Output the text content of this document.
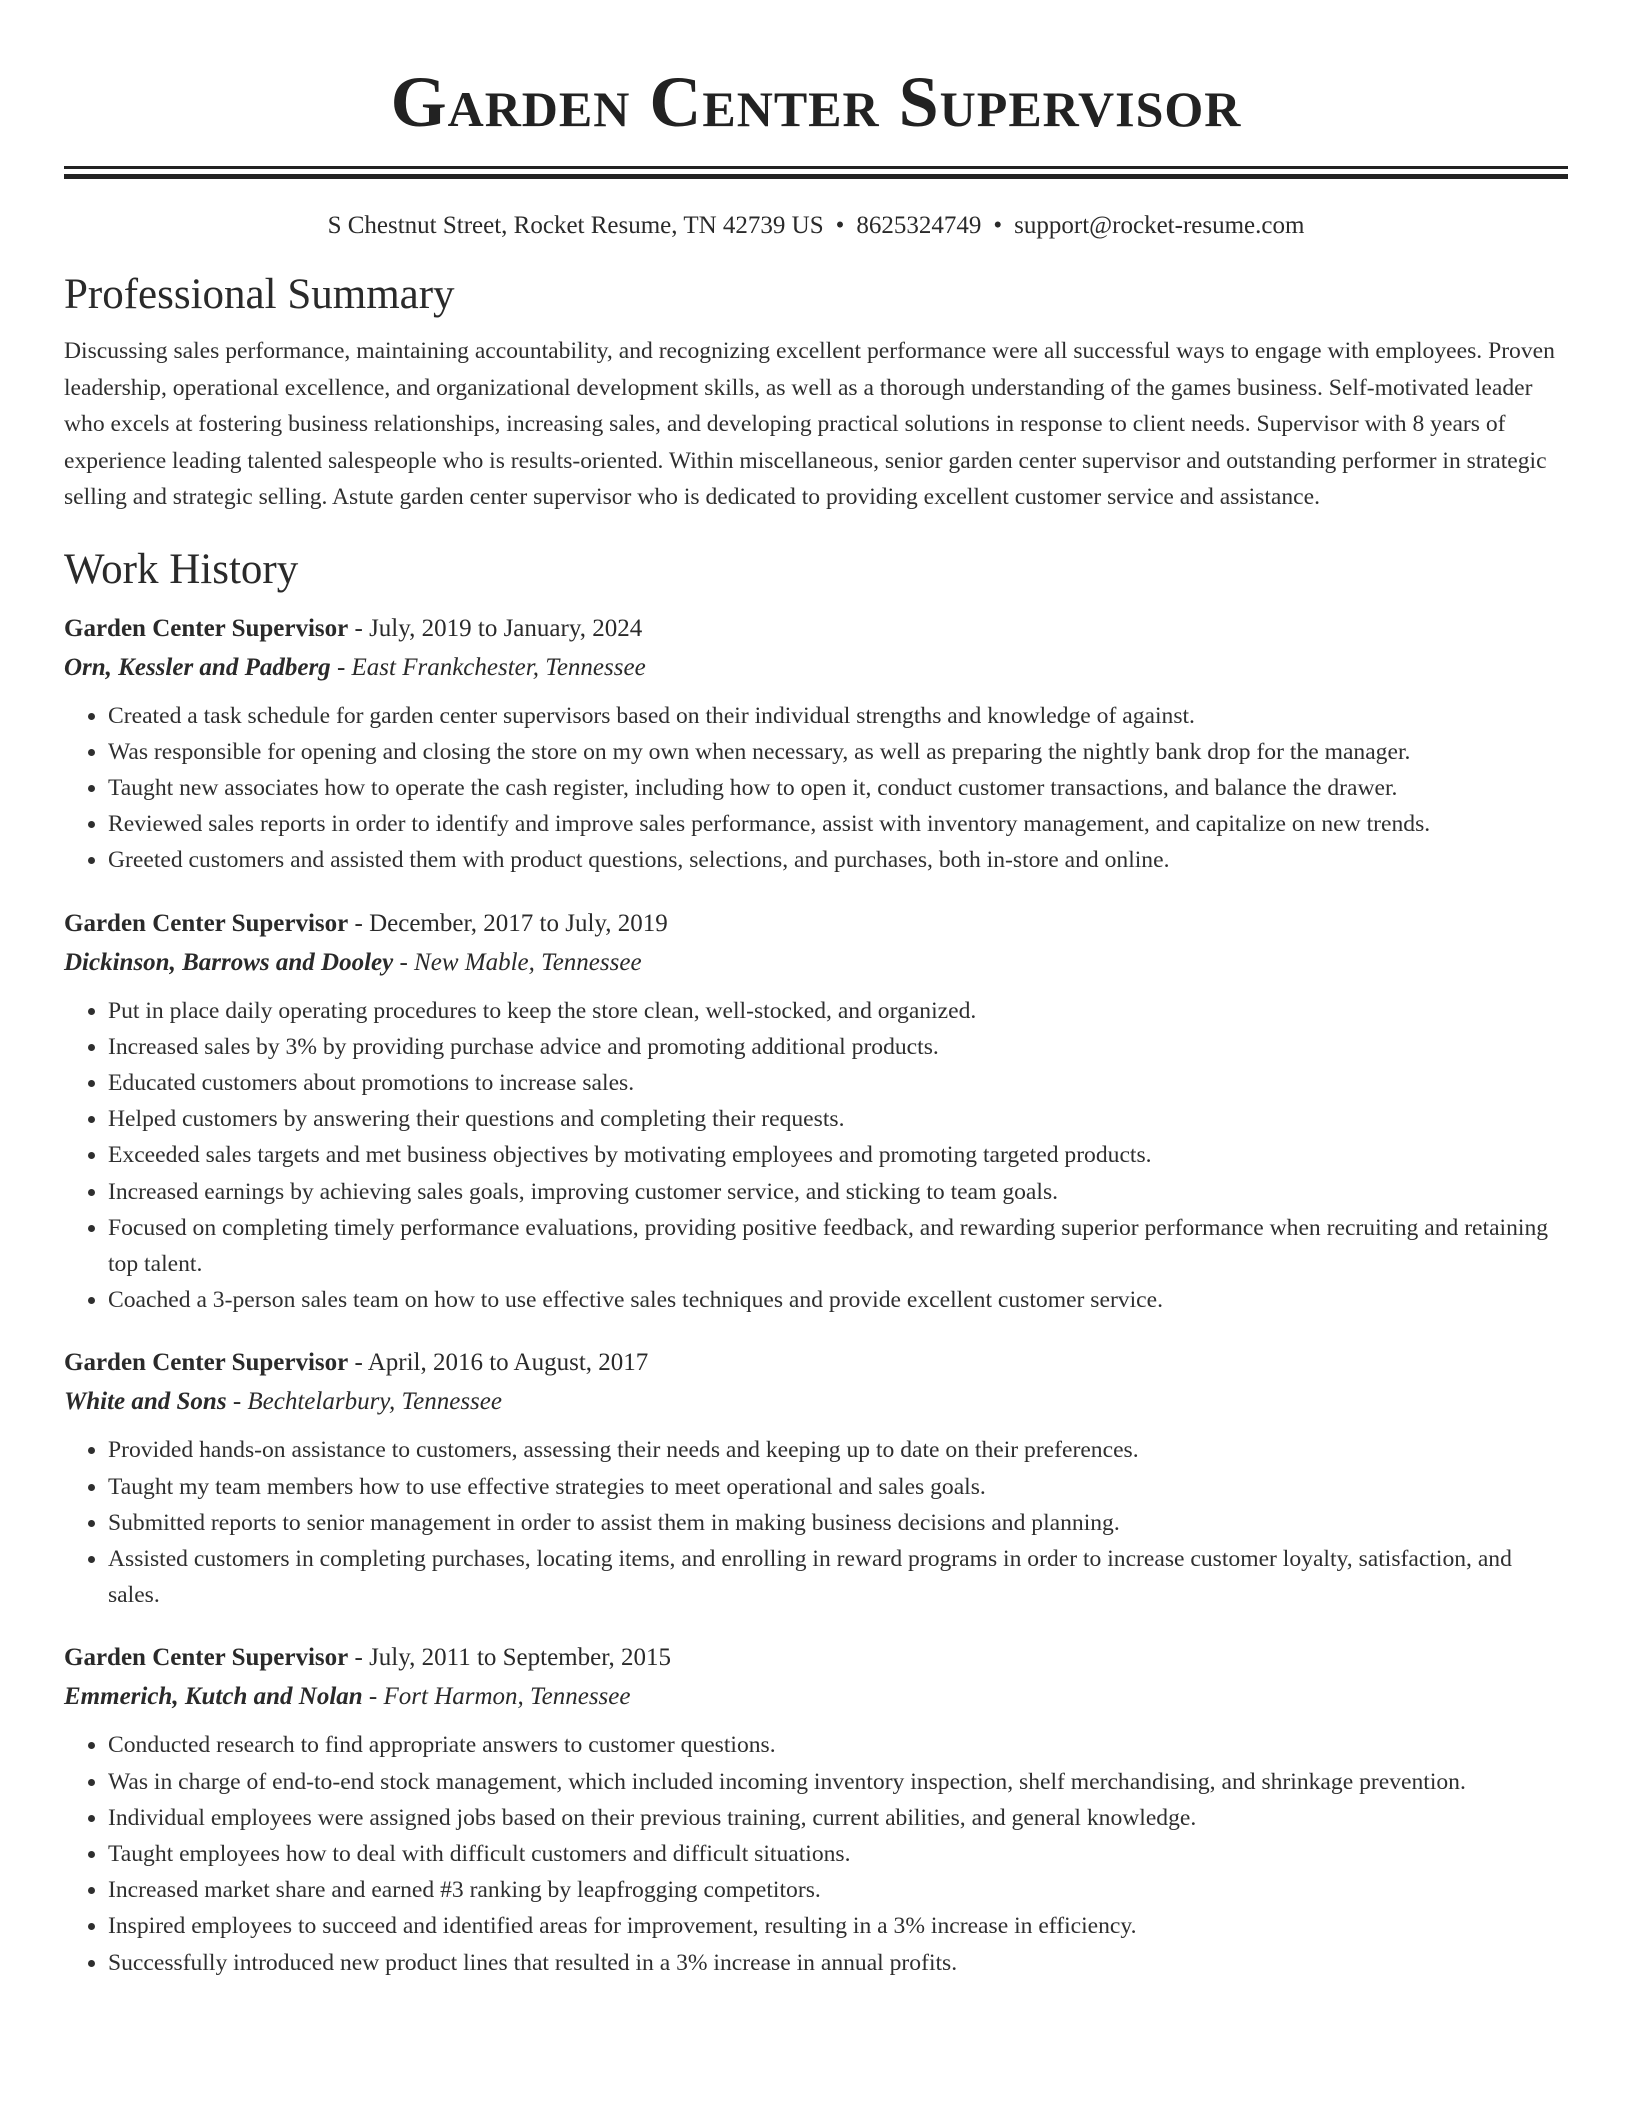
Garden Center Supervisor
S Chestnut Street, Rocket Resume, TN 42739 US • 8625324749 • support@rocket-resume.com
Professional Summary
Discussing sales performance, maintaining accountability, and recognizing excellent performance were all successful ways to engage with employees. Proven leadership, operational excellence, and organizational development skills, as well as a thorough understanding of the games business. Self-motivated leader who excels at fostering business relationships, increasing sales, and developing practical solutions in response to client needs. Supervisor with 8 years of experience leading talented salespeople who is results-oriented. Within miscellaneous, senior garden center supervisor and outstanding performer in strategic selling and strategic selling. Astute garden center supervisor who is dedicated to providing excellent customer service and assistance.
Work History
Garden Center Supervisor - July, 2019 to January, 2024
Orn, Kessler and Padberg - East Frankchester, Tennessee
• Created a task schedule for garden center supervisors based on their individual strengths and knowledge of against.
• Was responsible for opening and closing the store on my own when necessary, as well as preparing the nightly bank drop for the manager.
• Taught new associates how to operate the cash register, including how to open it, conduct customer transactions, and balance the drawer.
• Reviewed sales reports in order to identify and improve sales performance, assist with inventory management, and capitalize on new trends.
• Greeted customers and assisted them with product questions, selections, and purchases, both in-store and online.
Garden Center Supervisor - December, 2017 to July, 2019
Dickinson, Barrows and Dooley - New Mable, Tennessee
• Put in place daily operating procedures to keep the store clean, well-stocked, and organized.
• Increased sales by 3% by providing purchase advice and promoting additional products.
• Educated customers about promotions to increase sales.
• Helped customers by answering their questions and completing their requests.
• Exceeded sales targets and met business objectives by motivating employees and promoting targeted products.
• Increased earnings by achieving sales goals, improving customer service, and sticking to team goals.
• Focused on completing timely performance evaluations, providing positive feedback, and rewarding superior performance when recruiting and retaining top talent.
• Coached a 3-person sales team on how to use effective sales techniques and provide excellent customer service.
Garden Center Supervisor - April, 2016 to August, 2017
White and Sons - Bechtelarbury, Tennessee
• Provided hands-on assistance to customers, assessing their needs and keeping up to date on their preferences.
• Taught my team members how to use effective strategies to meet operational and sales goals.
• Submitted reports to senior management in order to assist them in making business decisions and planning.
• Assisted customers in completing purchases, locating items, and enrolling in reward programs in order to increase customer loyalty, satisfaction, and sales.
Garden Center Supervisor - July, 2011 to September, 2015
Emmerich, Kutch and Nolan - Fort Harmon, Tennessee
• Conducted research to find appropriate answers to customer questions.
• Was in charge of end-to-end stock management, which included incoming inventory inspection, shelf merchandising, and shrinkage prevention.
• Individual employees were assigned jobs based on their previous training, current abilities, and general knowledge.
• Taught employees how to deal with difficult customers and difficult situations.
• Increased market share and earned #3 ranking by leapfrogging competitors.
• Inspired employees to succeed and identified areas for improvement, resulting in a 3% increase in efficiency.
• Successfully introduced new product lines that resulted in a 3% increase in annual profits.
